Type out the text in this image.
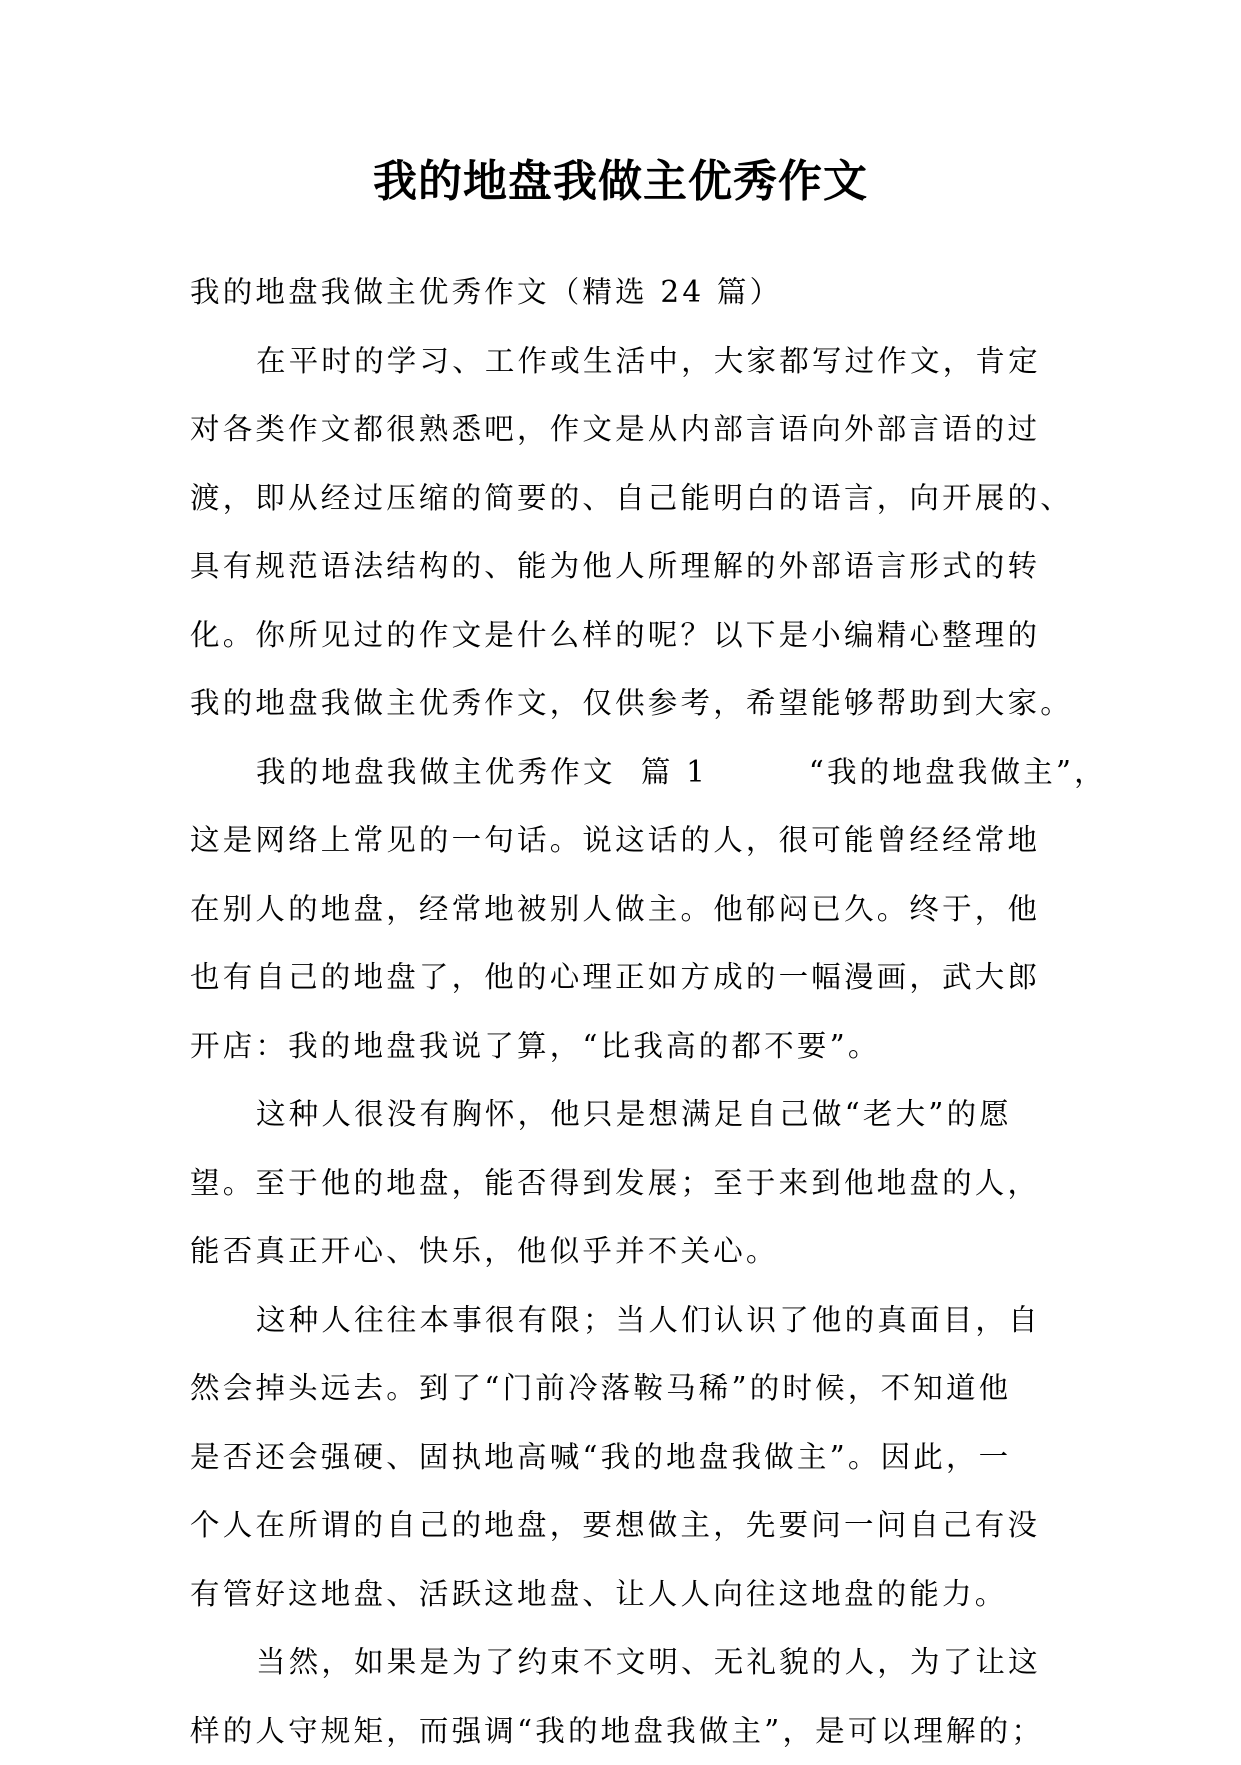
我的地盘我做主优秀作文
我的地盘我做主优秀作文（精选 24 篇）
在平时的学习、工作或生活中，大家都写过作文，肯定
对各类作文都很熟悉吧，作文是从内部言语向外部言语的过
渡，即从经过压缩的简要的、自己能明白的语言，向开展的、
具有规范语法结构的、能为他人所理解的外部语言形式的转
化。你所见过的作文是什么样的呢？以下是小编精心整理的
我的地盘我做主优秀作文，仅供参考，希望能够帮助到大家。
我的地盘我做主优秀作文  篇 1        “我的地盘我做主”，
这是网络上常见的一句话。说这话的人，很可能曾经经常地
在别人的地盘，经常地被别人做主。他郁闷已久。终于，他
也有自己的地盘了，他的心理正如方成的一幅漫画，武大郎
开店：我的地盘我说了算，“比我高的都不要”。
这种人很没有胸怀，他只是想满足自己做“老大”的愿
望。至于他的地盘，能否得到发展；至于来到他地盘的人，
能否真正开心、快乐，他似乎并不关心。
这种人往往本事很有限；当人们认识了他的真面目，自
然会掉头远去。到了“门前冷落鞍马稀”的时候，不知道他
是否还会强硬、固执地高喊“我的地盘我做主”。因此，一
个人在所谓的自己的地盘，要想做主，先要问一问自己有没
有管好这地盘、活跃这地盘、让人人向往这地盘的能力。
当然，如果是为了约束不文明、无礼貌的人，为了让这
样的人守规矩，而强调“我的地盘我做主”，是可以理解的；
